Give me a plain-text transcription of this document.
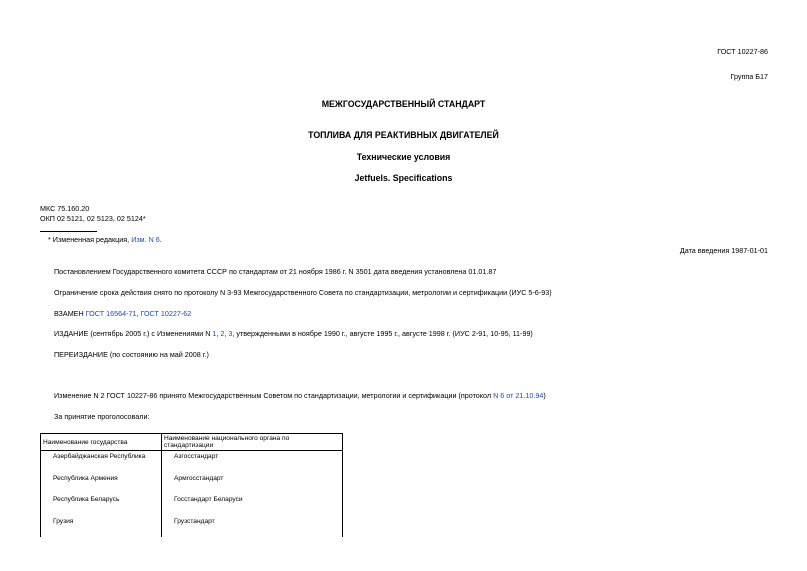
ГОСТ 10227-86
Группа Б17
МЕЖГОСУДАРСТВЕННЫЙ СТАНДАРТ
ТОПЛИВА ДЛЯ РЕАКТИВНЫХ ДВИГАТЕЛЕЙ
Технические условия
Jetfuels. Specifications
МКС 75.160.20
ОКП 02 5121, 02 5123, 02 5124*
* Измененная редакция, Изм. N 6.
Дата введения 1987-01-01
Постановлением Государственного комитета СССР по стандартам от 21 ноября 1986 г. N 3501 дата введения установлена 01.01.87
Ограничение срока действия снято по протоколу N 3-93 Межгосударственного Совета по стандартизации, метрологии и сертификации (ИУС 5-6-93)
ВЗАМЕН ГОСТ 16564-71, ГОСТ 10227-62
ИЗДАНИЕ (сентябрь 2005 г.) с Изменениями N 1, 2, 3, утвержденными в ноябре 1990 г., августе 1995 г., августе 1998 г. (ИУС 2-91, 10-95, 11-99)
ПЕРЕИЗДАНИЕ (по состоянию на май 2008 г.)
Изменение N 2 ГОСТ 10227-86 принято Межгосударственным Советом по стандартизации, метрологии и сертификации (протокол N 6 от 21.10.94)
За принятие проголосовали:
Наименование государства	Наименование национального органа по стандартизации
Азербайджанская Республика	Азгосстандарт
Республика Армения	Армгосстандарт
Республика Беларусь	Госстандарт Беларуси
Грузия	Грузстандарт
